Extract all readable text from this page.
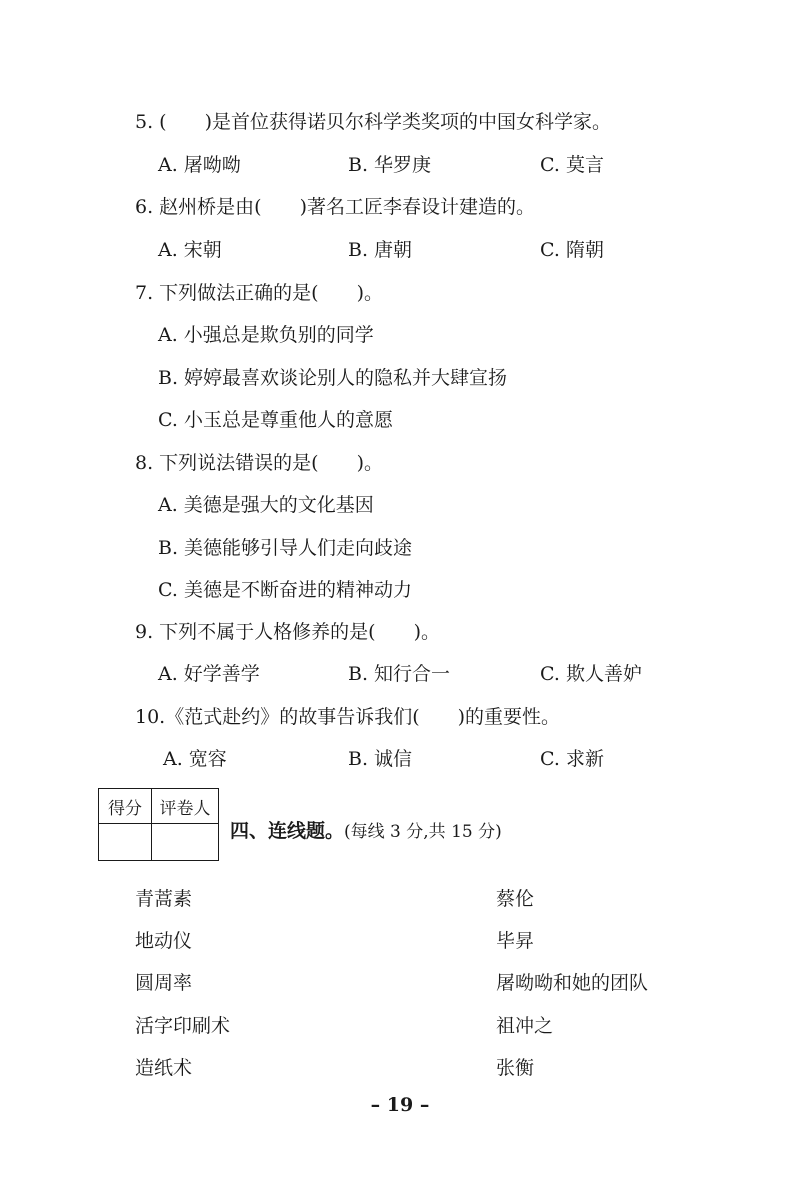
5. (　　)是首位获得诺贝尔科学类奖项的中国女科学家。
A. 屠呦呦	B. 华罗庚	C. 莫言
6. 赵州桥是由(　　)著名工匠李春设计建造的。
A. 宋朝	B. 唐朝	C. 隋朝
7. 下列做法正确的是(　　)。
A. 小强总是欺负别的同学
B. 婷婷最喜欢谈论别人的隐私并大肆宣扬
C. 小玉总是尊重他人的意愿
8. 下列说法错误的是(　　)。
A. 美德是强大的文化基因
B. 美德能够引导人们走向歧途
C. 美德是不断奋进的精神动力
9. 下列不属于人格修养的是(　　)。
A. 好学善学	B. 知行合一	C. 欺人善妒
10.《范式赴约》的故事告诉我们(　　)的重要性。
A. 宽容	B. 诚信	C. 求新
得分	评卷人

四、连线题。(每线 3 分,共 15 分)
青蒿素
地动仪
圆周率
活字印刷术
造纸术
蔡伦
毕昇
屠呦呦和她的团队
祖冲之
张衡
– 19 –
